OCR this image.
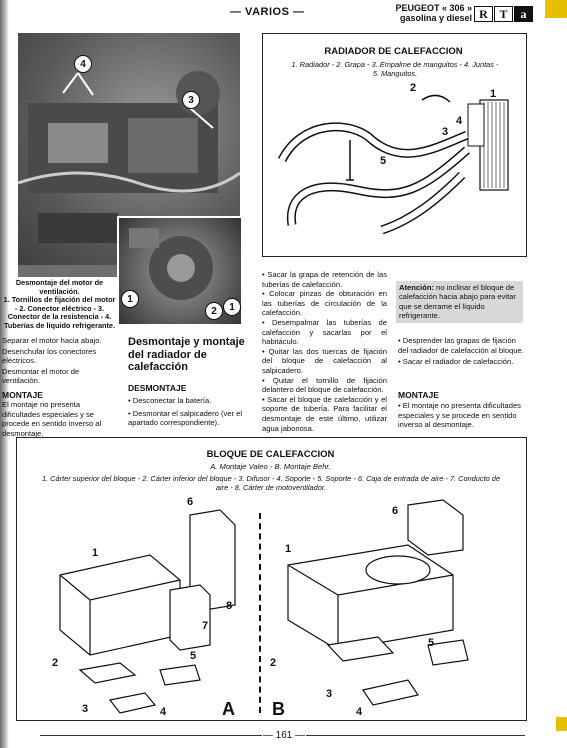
— VARIOS —	PEUGEOT « 306 »
gasolina y diesel R T	a
4
3
1
2	1
Desmontaje del motor de ventilación.
1. Tornillos de fijación del motor - 2. Conector eléctrico - 3. Conector de la resistencia - 4. Tuberías de líquido refrigerante.

Separar el motor hacia abajo.

Desenchufar los conectores eléctricos.

Desmontar el motor de ventilación.

MONTAJE
El montaje no presenta dificultades especiales y se procede en sentido inverso al desmontaje.
Desmontaje y montaje del radiador de calefacción
DESMONTAJE

• Desconectar la batería.

• Desmontar el salpicadero (ver el apartado correspondiente).

• Sacar la grapa de retención de las tuberías de calefacción.

• Colocar pinzas de obturación en las tuberías de circulación de la calefacción.

• Desempalmar las tuberías de calefacción y sacarlas por el habitáculo.

• Quitar las dos tuercas de fijación del bloque de calefacción al salpicadero.

• Quitar el tornillo de fijación delantero del bloque de calefacción.

• Sacar el bloque de calefacción y el soporte de tubería. Para facilitar el desmontaje de este último, utilizar agua jabonosa.

Atención: no inclinar el bloque de calefacción hacia abajo para evitar que se derrame el líquido refrigerante.

• Desprender las grapas de fijación del radiador de calefacción al bloque.

• Sacar el radiador de calefacción.

MONTAJE
• El montaje no presenta dificultades especiales y se procede en sentido inverso al desmontaje.
RADIADOR DE CALEFACCION
1. Radiador - 2. Grapa - 3. Empalme de manguitos - 4. Juntas - 5. Manguitos.
2	1
4
3
5
BLOQUE DE CALEFACCION
A. Montaje Valeo - B. Montaje Behr.
1. Cárter superior del bloque - 2. Cárter inferior del bloque - 3. Difusor - 4. Soporte - 5. Soporte - 6. Caja de entrada de aire - 7. Conducto de aire - 8. Cárter de motoventilador.
6
1
8
7
2
5
3	4	A B
6
1
2
5
3
4
— 161 —
